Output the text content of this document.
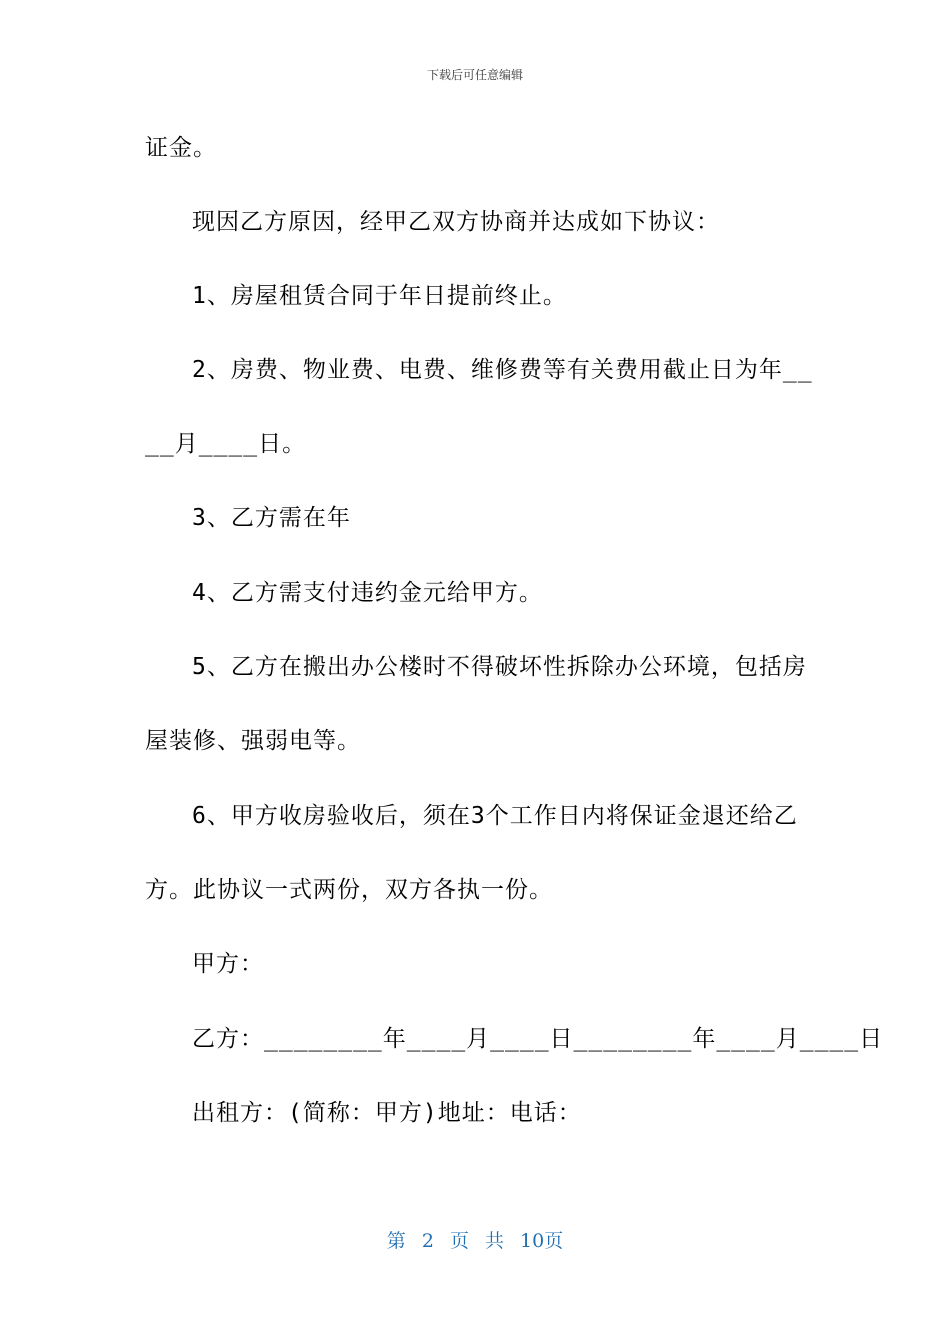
下载后可任意编辑
证金。
现因乙方原因，经甲乙双方协商并达成如下协议：
1、房屋租赁合同于年日提前终止。
2、房费、物业费、电费、维修费等有关费用截止日为年__
__月____日。
3、乙方需在年
4、乙方需支付违约金元给甲方。
5、乙方在搬出办公楼时不得破坏性拆除办公环境，包括房
屋装修、强弱电等。
6、甲方收房验收后，须在3个工作日内将保证金退还给乙
方。此协议一式两份，双方各执一份。
甲方：
乙方：________年____月____日________年____月____日
出租方：(简称：甲方)地址：电话：
第 2 页 共 10页
